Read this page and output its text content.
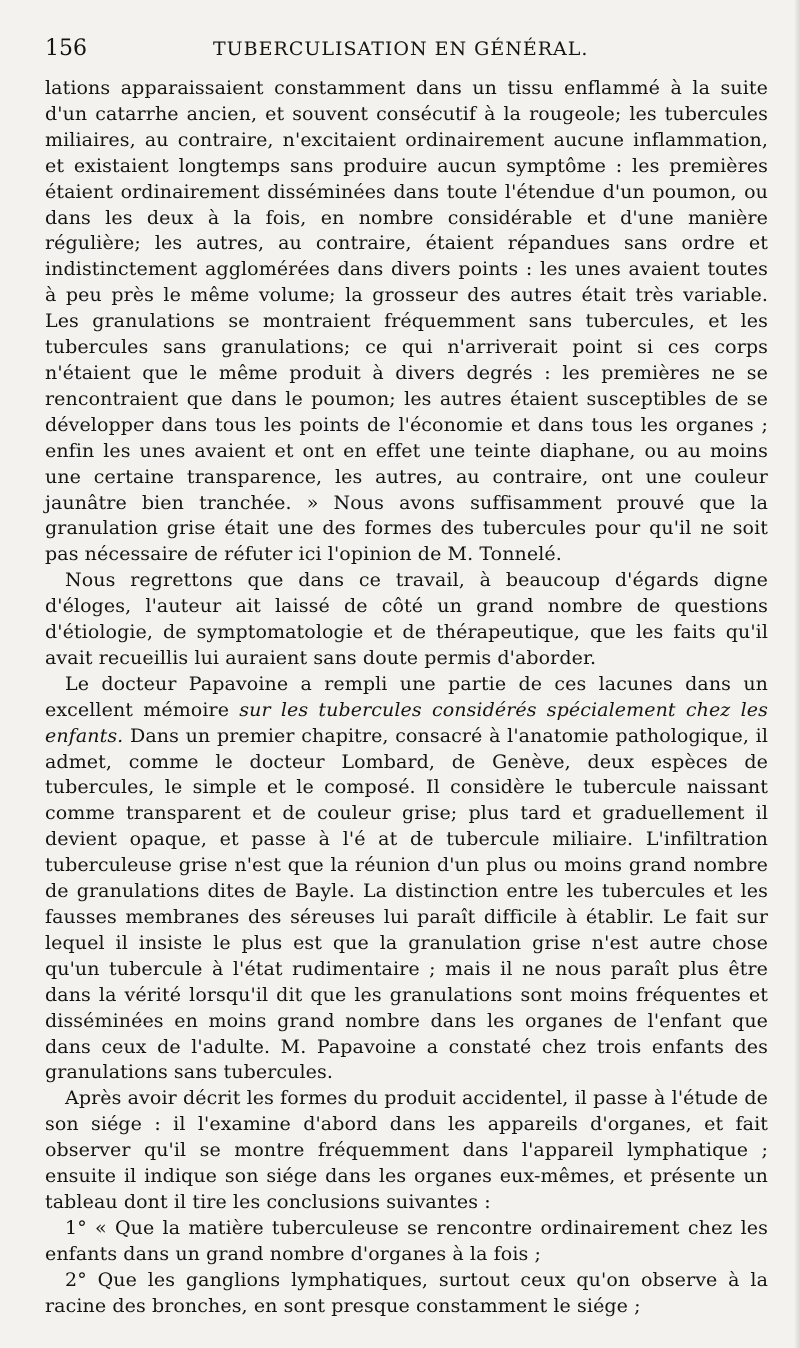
156	TUBERCULISATION EN GÉNÉRAL.

lations apparaissaient constamment dans un tissu enflammé à la suite d'un catarrhe ancien, et souvent consécutif à la rougeole; les tubercules miliaires, au contraire, n'excitaient ordinairement aucune inflammation, et existaient longtemps sans produire aucun symptôme : les premières étaient ordinairement disséminées dans toute l'étendue d'un poumon, ou dans les deux à la fois, en nombre considérable et d'une manière régulière; les autres, au contraire, étaient répandues sans ordre et indistinctement agglomérées dans divers points : les unes avaient toutes à peu près le même volume; la grosseur des autres était très variable. Les granulations se montraient fréquemment sans tubercules, et les tubercules sans granulations; ce qui n'arriverait point si ces corps n'étaient que le même produit à divers degrés : les premières ne se rencontraient que dans le poumon; les autres étaient susceptibles de se développer dans tous les points de l'économie et dans tous les organes ; enfin les unes avaient et ont en effet une teinte diaphane, ou au moins une certaine transparence, les autres, au contraire, ont une couleur jaunâtre bien tranchée. » Nous avons suffisamment prouvé que la granulation grise était une des formes des tubercules pour qu'il ne soit pas nécessaire de réfuter ici l'opinion de M. Tonnelé.

Nous regrettons que dans ce travail, à beaucoup d'égards digne d'éloges, l'auteur ait laissé de côté un grand nombre de questions d'étiologie, de symptomatologie et de thérapeutique, que les faits qu'il avait recueillis lui auraient sans doute permis d'aborder.

Le docteur Papavoine a rempli une partie de ces lacunes dans un excellent mémoire sur les tubercules considérés spécialement chez les enfants. Dans un premier chapitre, consacré à l'anatomie pathologique, il admet, comme le docteur Lombard, de Genève, deux espèces de tubercules, le simple et le composé. Il considère le tubercule naissant comme transparent et de couleur grise; plus tard et graduellement il devient opaque, et passe à l'é at de tubercule miliaire. L'infiltration tuberculeuse grise n'est que la réunion d'un plus ou moins grand nombre de granulations dites de Bayle. La distinction entre les tubercules et les fausses membranes des séreuses lui paraît difficile à établir. Le fait sur lequel il insiste le plus est que la granulation grise n'est autre chose qu'un tubercule à l'état rudimentaire ; mais il ne nous paraît plus être dans la vérité lorsqu'il dit que les granulations sont moins fréquentes et disséminées en moins grand nombre dans les organes de l'enfant que dans ceux de l'adulte. M. Papavoine a constaté chez trois enfants des granulations sans tubercules.

Après avoir décrit les formes du produit accidentel, il passe à l'étude de son siége : il l'examine d'abord dans les appareils d'organes, et fait observer qu'il se montre fréquemment dans l'appareil lymphatique ; ensuite il indique son siége dans les organes eux-mêmes, et présente un tableau dont il tire les conclusions suivantes :

1° « Que la matière tuberculeuse se rencontre ordinairement chez les enfants dans un grand nombre d'organes à la fois ;

2° Que les ganglions lymphatiques, surtout ceux qu'on observe à la racine des bronches, en sont presque constamment le siége ;
